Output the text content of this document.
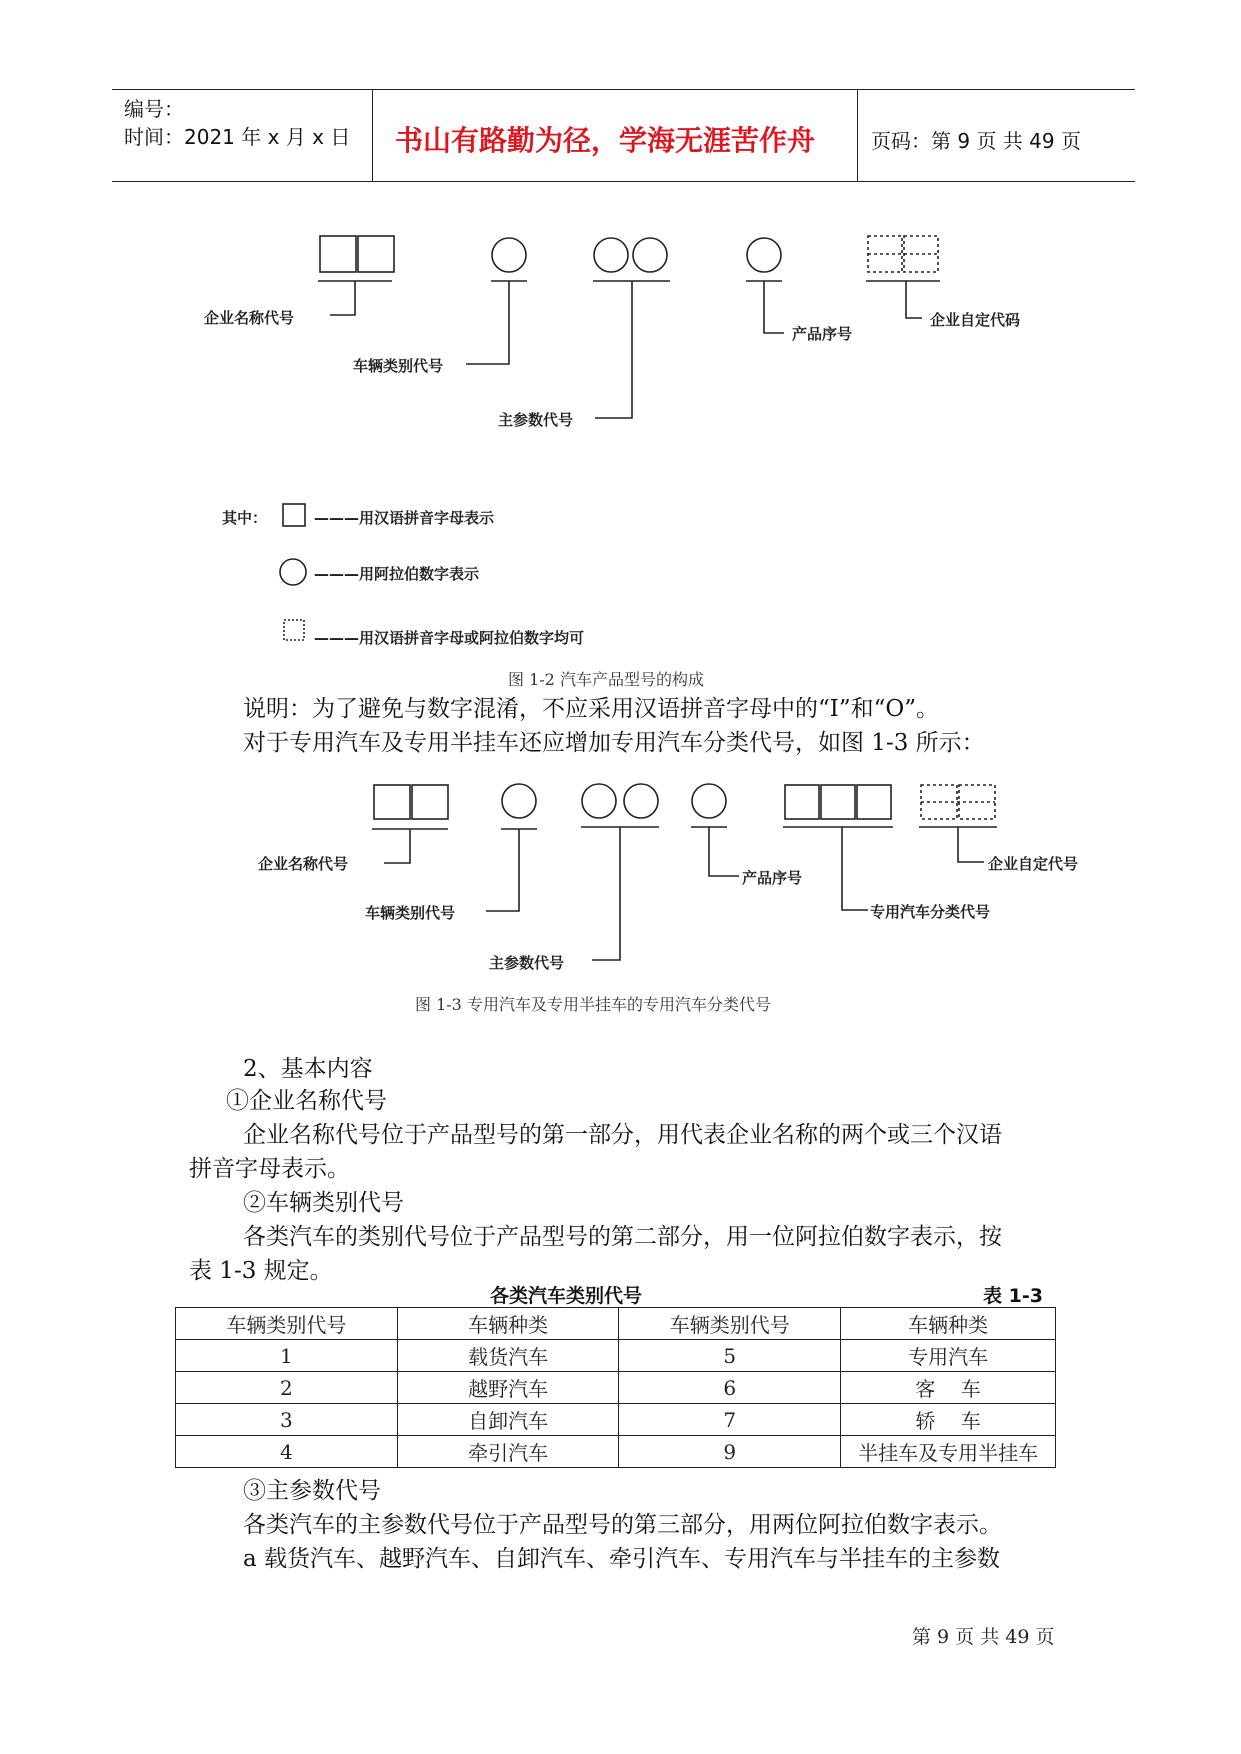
编号：
时间：2021 年 x 月 x 日 书山有路勤为径，学海无涯苦作舟	页码：第 9 页 共 49 页
企业名称代号
车辆类别代号
主参数代号
产品序号
企业自定代码
其中：	———用汉语拼音字母表示
———用阿拉伯数字表示
———用汉语拼音字母或阿拉伯数字均可
图 1-2 汽车产品型号的构成
说明：为了避免与数字混淆，不应采用汉语拼音字母中的“I”和“O”。
对于专用汽车及专用半挂车还应增加专用汽车分类代号，如图 1-3 所示：
企业名称代号
车辆类别代号
主参数代号
产品序号
专用汽车分类代号
企业自定代号
图 1-3 专用汽车及专用半挂车的专用汽车分类代号
2、基本内容
①企业名称代号
企业名称代号位于产品型号的第一部分，用代表企业名称的两个或三个汉语
拼音字母表示。
②车辆类别代号
各类汽车的类别代号位于产品型号的第二部分，用一位阿拉伯数字表示，按
表 1-3 规定。
各类汽车类别代号	表 1-3
车辆类别代号	车辆种类	车辆类别代号	车辆种类
1	载货汽车	5	专用汽车
2	越野汽车	6	客    车
3	自卸汽车	7	轿    车
4	牵引汽车	9	半挂车及专用半挂车
③主参数代号
各类汽车的主参数代号位于产品型号的第三部分，用两位阿拉伯数字表示。
a 载货汽车、越野汽车、自卸汽车、牵引汽车、专用汽车与半挂车的主参数
第 9 页 共 49 页
